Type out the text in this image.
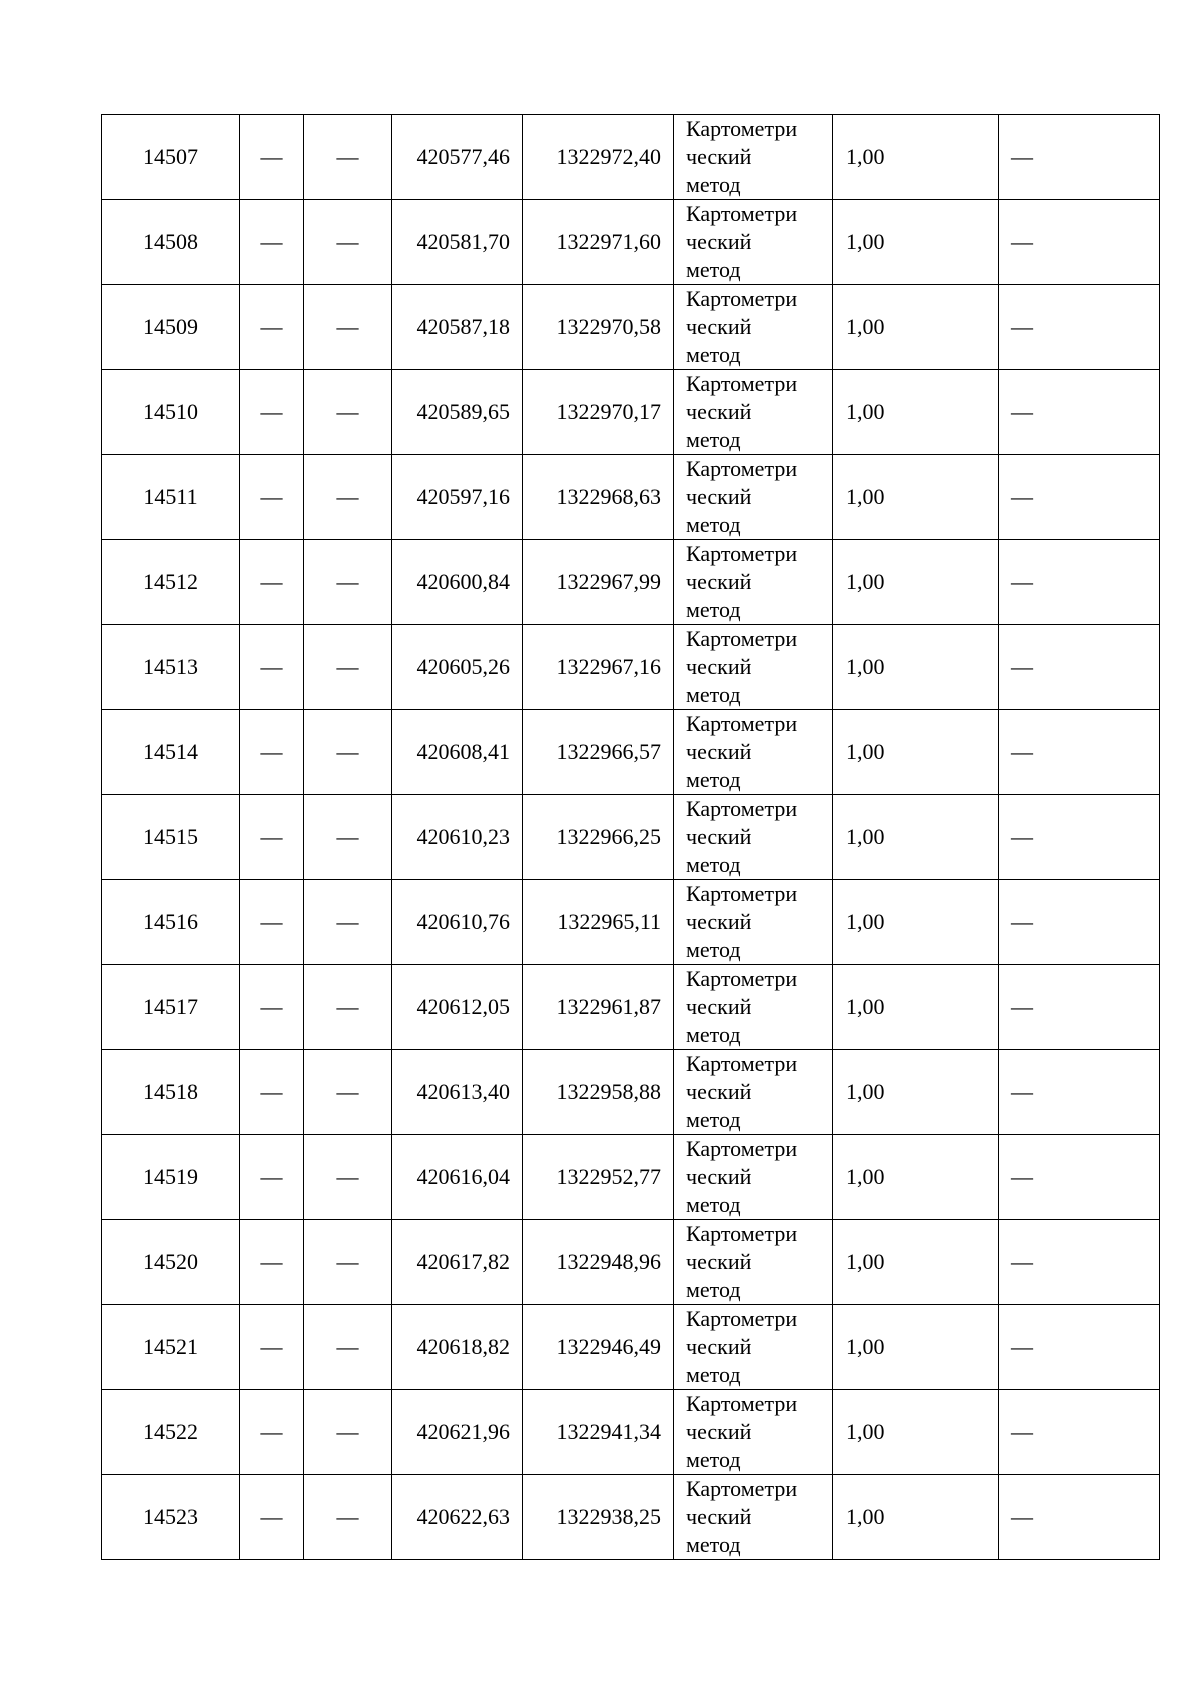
14507	—	—	420577,46	1322972,40	Картометри
ческий
метод	1,00	—
14508	—	—	420581,70	1322971,60	Картометри
ческий
метод	1,00	—
14509	—	—	420587,18	1322970,58	Картометри
ческий
метод	1,00	—
14510	—	—	420589,65	1322970,17	Картометри
ческий
метод	1,00	—
14511	—	—	420597,16	1322968,63	Картометри
ческий
метод	1,00	—
14512	—	—	420600,84	1322967,99	Картометри
ческий
метод	1,00	—
14513	—	—	420605,26	1322967,16	Картометри
ческий
метод	1,00	—
14514	—	—	420608,41	1322966,57	Картометри
ческий
метод	1,00	—
14515	—	—	420610,23	1322966,25	Картометри
ческий
метод	1,00	—
14516	—	—	420610,76	1322965,11	Картометри
ческий
метод	1,00	—
14517	—	—	420612,05	1322961,87	Картометри
ческий
метод	1,00	—
14518	—	—	420613,40	1322958,88	Картометри
ческий
метод	1,00	—
14519	—	—	420616,04	1322952,77	Картометри
ческий
метод	1,00	—
14520	—	—	420617,82	1322948,96	Картометри
ческий
метод	1,00	—
14521	—	—	420618,82	1322946,49	Картометри
ческий
метод	1,00	—
14522	—	—	420621,96	1322941,34	Картометри
ческий
метод	1,00	—
14523	—	—	420622,63	1322938,25	Картометри
ческий
метод	1,00	—
